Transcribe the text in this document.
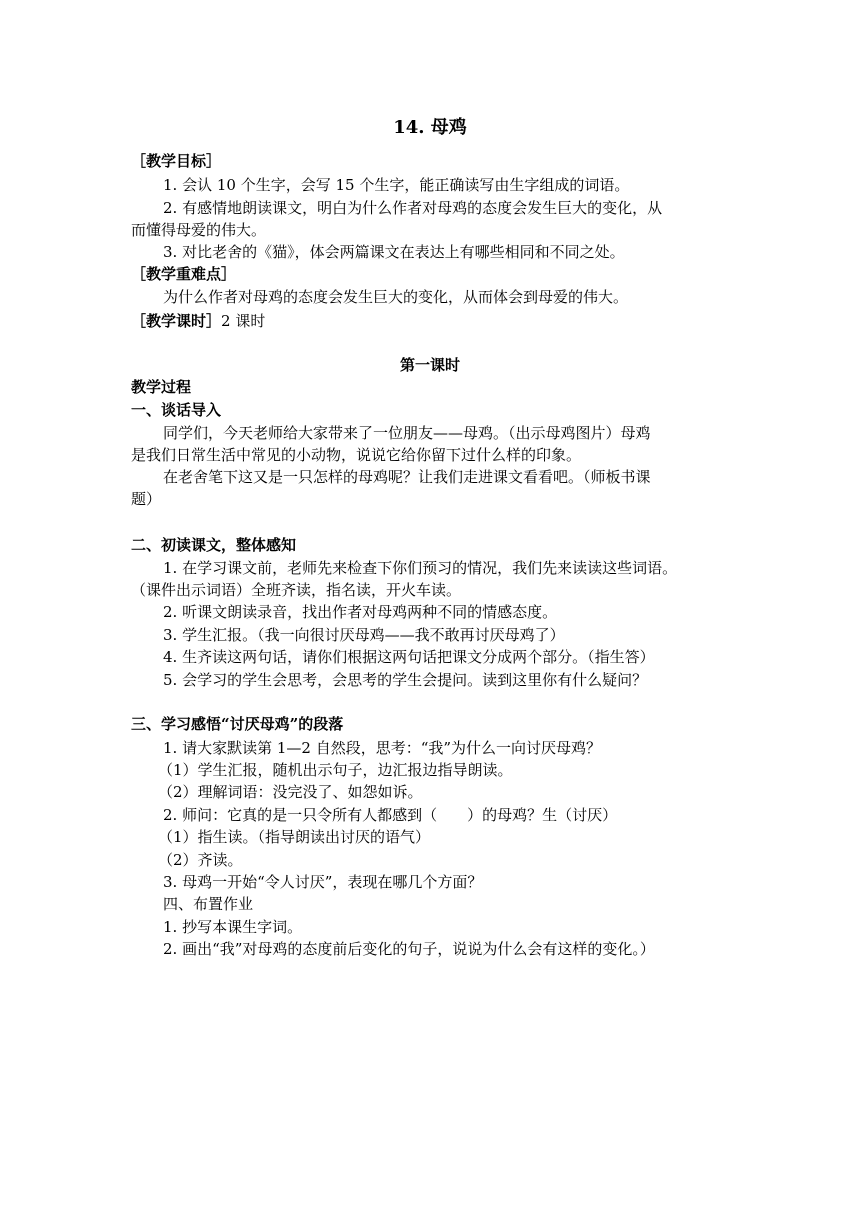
14. 母鸡
［教学目标］
1. 会认 10 个生字，会写 15 个生字，能正确读写由生字组成的词语。
2. 有感情地朗读课文，明白为什么作者对母鸡的态度会发生巨大的变化，从
而懂得母爱的伟大。
3. 对比老舍的《猫》，体会两篇课文在表达上有哪些相同和不同之处。
［教学重难点］
为什么作者对母鸡的态度会发生巨大的变化，从而体会到母爱的伟大。
［教学课时］2 课时
第一课时
教学过程
一、谈话导入
同学们，今天老师给大家带来了一位朋友——母鸡。（出示母鸡图片）母鸡
是我们日常生活中常见的小动物，说说它给你留下过什么样的印象。
在老舍笔下这又是一只怎样的母鸡呢？让我们走进课文看看吧。（师板书课
题）
二、初读课文，整体感知
1. 在学习课文前，老师先来检查下你们预习的情况，我们先来读读这些词语。
（课件出示词语）全班齐读，指名读，开火车读。
2. 听课文朗读录音，找出作者对母鸡两种不同的情感态度。
3. 学生汇报。（我一向很讨厌母鸡——我不敢再讨厌母鸡了）
4. 生齐读这两句话，请你们根据这两句话把课文分成两个部分。（指生答）
5. 会学习的学生会思考，会思考的学生会提问。读到这里你有什么疑问？
三、学习感悟“讨厌母鸡”的段落
1. 请大家默读第 1—2 自然段，思考：“我”为什么一向讨厌母鸡？
（1）学生汇报，随机出示句子，边汇报边指导朗读。
（2）理解词语：没完没了、如怨如诉。
2. 师问：它真的是一只令所有人都感到（　　）的母鸡？生（讨厌）
（1）指生读。（指导朗读出讨厌的语气）
（2）齐读。
3. 母鸡一开始“令人讨厌”，表现在哪几个方面？
四、布置作业
1. 抄写本课生字词。
2. 画出“我”对母鸡的态度前后变化的句子，说说为什么会有这样的变化。）
